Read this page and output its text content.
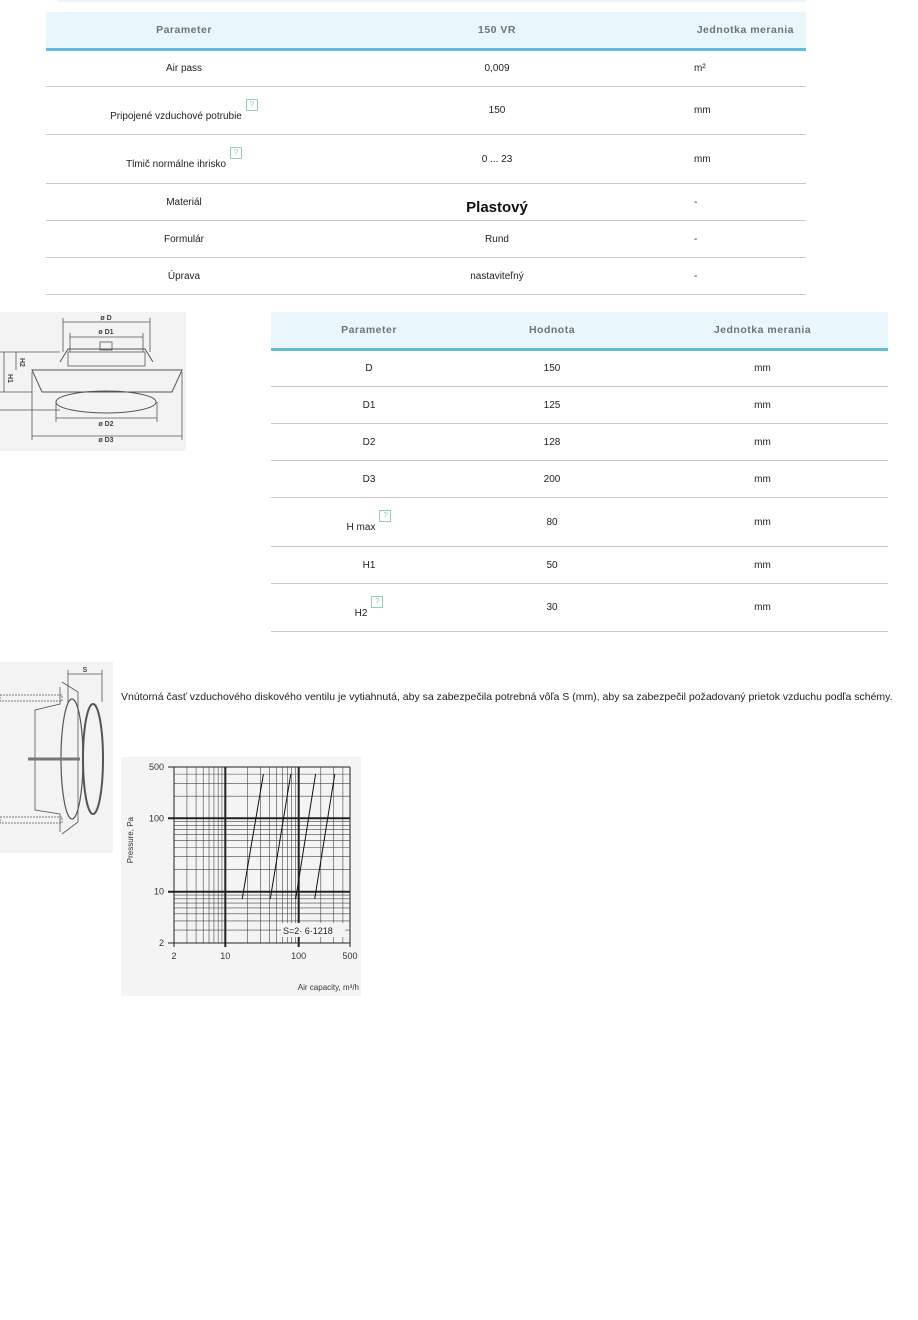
Parameter	150 VR	Jednotka merania
Air pass	0,009	m²
Pripojené vzduchové potrubie?	150	mm
Tlmič normálne ihrisko?	0 ... 23	mm
Materiál	Plastový	-
Formulár	Rund	-
Úprava	nastaviteľný	-
ø D
ø D1
ø D2
ø D3
H1
H2
Parameter	Hodnota	Jednotka merania
D	150	mm
D1	125	mm
D2	128	mm
D3	200	mm
H max?	80	mm
H1	50	mm
H2?	30	mm
S
Vnútorná časť vzduchového diskového ventilu je vytiahnutá, aby sa zabezpečila potrebná vôľa S (mm), aby sa zabezpečil požadovaný prietok vzduchu podľa schémy.
2	10	100	500
500
100
10
2
S=2· 6·1218
Air capacity, m³/h
Pressure, Pa
